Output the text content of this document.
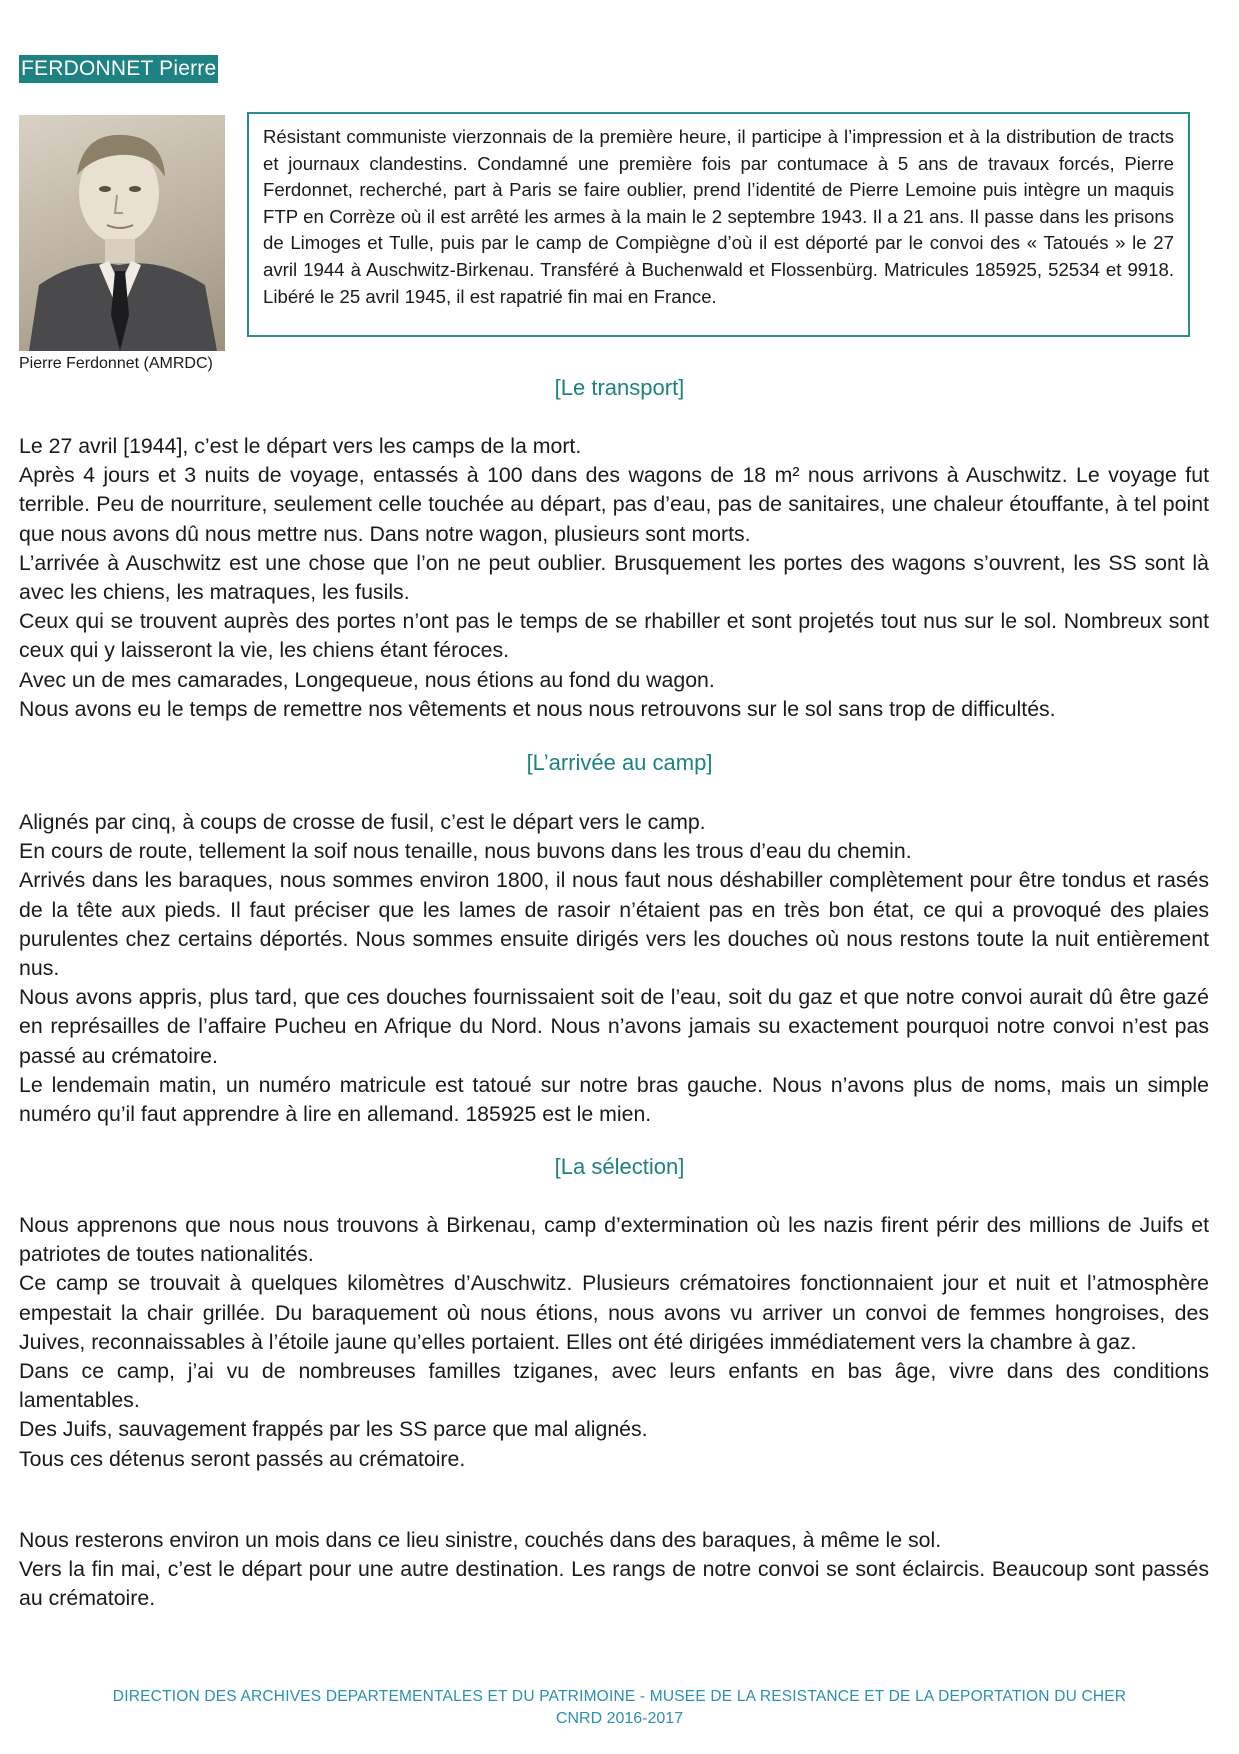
FERDONNET Pierre
Pierre Ferdonnet (AMRDC)
Résistant communiste vierzonnais de la première heure, il participe à l’impression et à la distribution de tracts et journaux clandestins. Condamné une première fois par contumace à 5 ans de travaux forcés, Pierre Ferdonnet, recherché, part à Paris se faire oublier, prend l’identité de Pierre Lemoine puis intègre un maquis FTP en Corrèze où il est arrêté les armes à la main le 2 septembre 1943. Il a 21 ans. Il passe dans les prisons de Limoges et Tulle, puis par le camp de Compiègne d’où il est déporté par le convoi des « Tatoués » le 27 avril 1944 à Auschwitz-Birkenau. Transféré à Buchenwald et Flossenbürg. Matricules 185925, 52534 et 9918. Libéré le 25 avril 1945, il est rapatrié fin mai en France.
[Le transport]

Le 27 avril [1944], c’est le départ vers les camps de la mort.

Après 4 jours et 3 nuits de voyage, entassés à 100 dans des wagons de 18 m² nous arrivons à Auschwitz. Le voyage fut terrible. Peu de nourriture, seulement celle touchée au départ, pas d’eau, pas de sanitaires, une chaleur étouffante, à tel point que nous avons dû nous mettre nus. Dans notre wagon, plusieurs sont morts.

L’arrivée à Auschwitz est une chose que l’on ne peut oublier. Brusquement les portes des wagons s’ouvrent, les SS sont là avec les chiens, les matraques, les fusils.

Ceux qui se trouvent auprès des portes n’ont pas le temps de se rhabiller et sont projetés tout nus sur le sol. Nombreux sont ceux qui y laisseront la vie, les chiens étant féroces.

Avec un de mes camarades, Longequeue, nous étions au fond du wagon.

Nous avons eu le temps de remettre nos vêtements et nous nous retrouvons sur le sol sans trop de difficultés.

[L’arrivée au camp]

Alignés par cinq, à coups de crosse de fusil, c’est le départ vers le camp.

En cours de route, tellement la soif nous tenaille, nous buvons dans les trous d’eau du chemin.

Arrivés dans les baraques, nous sommes environ 1800, il nous faut nous déshabiller complètement pour être tondus et rasés de la tête aux pieds. Il faut préciser que les lames de rasoir n’étaient pas en très bon état, ce qui a provoqué des plaies purulentes chez certains déportés. Nous sommes ensuite dirigés vers les douches où nous restons toute la nuit entièrement nus.

Nous avons appris, plus tard, que ces douches fournissaient soit de l’eau, soit du gaz et que notre convoi aurait dû être gazé en représailles de l’affaire Pucheu en Afrique du Nord. Nous n’avons jamais su exactement pourquoi notre convoi n’est pas passé au crématoire.

Le lendemain matin, un numéro matricule est tatoué sur notre bras gauche. Nous n’avons plus de noms, mais un simple numéro qu’il faut apprendre à lire en allemand. 185925 est le mien.

[La sélection]

Nous apprenons que nous nous trouvons à Birkenau, camp d’extermination où les nazis firent périr des millions de Juifs et patriotes de toutes nationalités.

Ce camp se trouvait à quelques kilomètres d’Auschwitz. Plusieurs crématoires fonctionnaient jour et nuit et l’atmosphère empestait la chair grillée. Du baraquement où nous étions, nous avons vu arriver un convoi de femmes hongroises, des Juives, reconnaissables à l’étoile jaune qu’elles portaient. Elles ont été dirigées immédiatement vers la chambre à gaz.

Dans ce camp, j’ai vu de nombreuses familles tziganes, avec leurs enfants en bas âge, vivre dans des conditions lamentables.

Des Juifs, sauvagement frappés par les SS parce que mal alignés.

Tous ces détenus seront passés au crématoire.

Nous resterons environ un mois dans ce lieu sinistre, couchés dans des baraques, à même le sol.

Vers la fin mai, c’est le départ pour une autre destination. Les rangs de notre convoi se sont éclaircis. Beaucoup sont passés au crématoire.

DIRECTION DES ARCHIVES DEPARTEMENTALES ET DU PATRIMOINE - MUSEE DE LA RESISTANCE ET DE LA DEPORTATION DU CHER
CNRD 2016-2017
